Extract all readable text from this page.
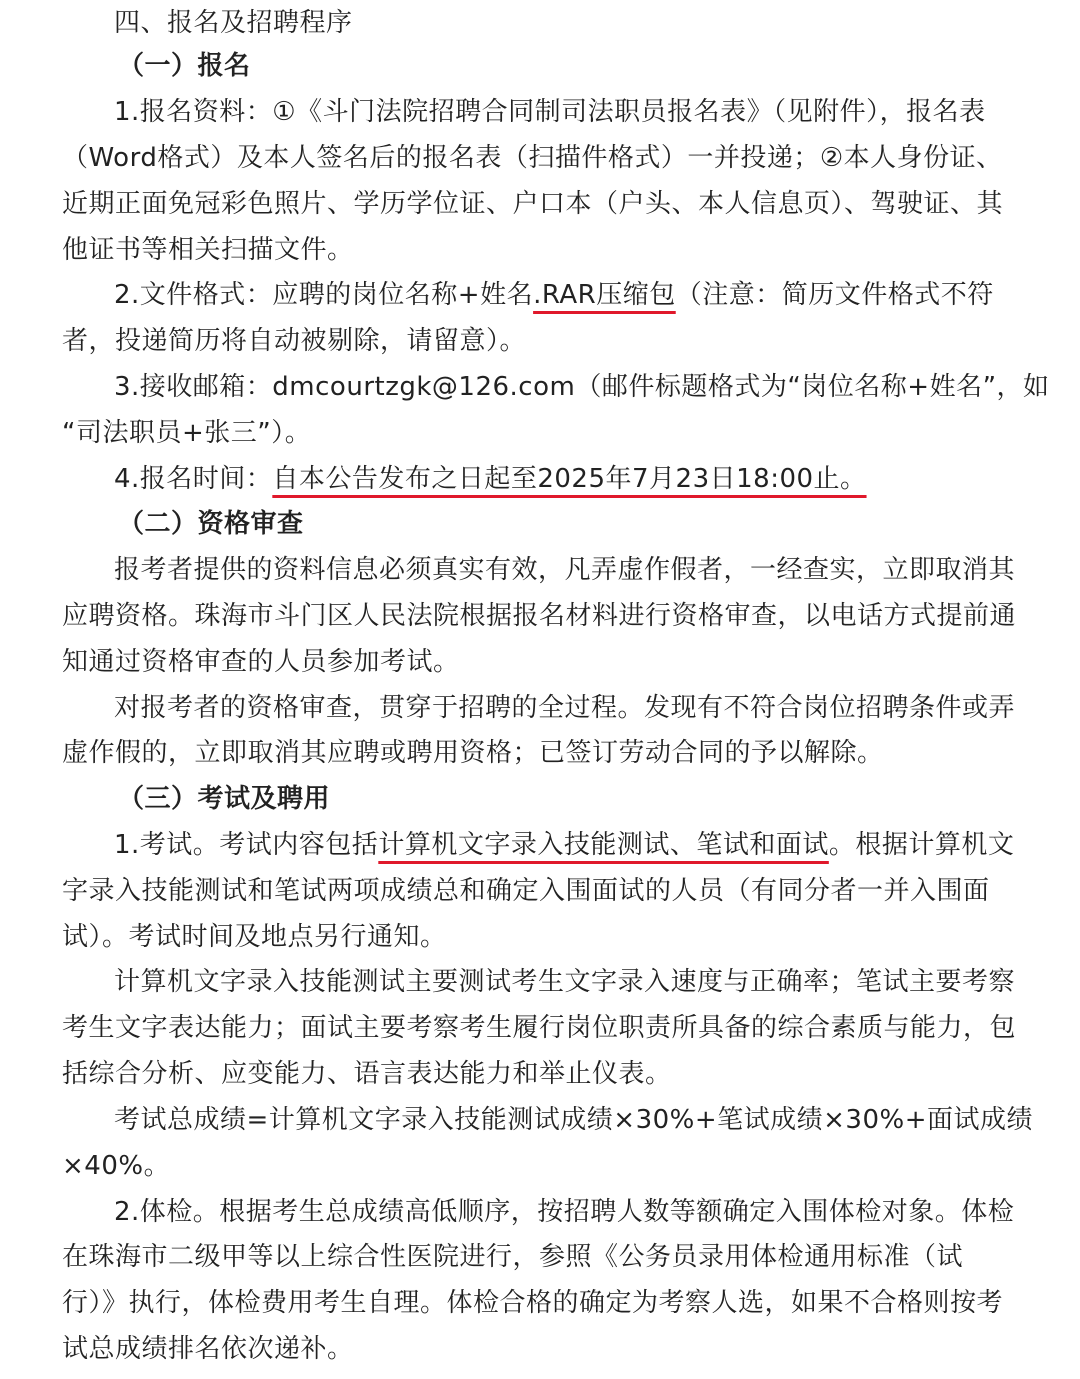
四、报名及招聘程序
（一）报名
1.报名资料：①《斗门法院招聘合同制司法职员报名表》（见附件），报名表
（Word格式）及本人签名后的报名表（扫描件格式）一并投递；②本人身份证、
近期正面免冠彩色照片、学历学位证、户口本（户头、本人信息页）、驾驶证、其
他证书等相关扫描文件。
2.文件格式：应聘的岗位名称+姓名.RAR压缩包（注意：简历文件格式不符
者，投递简历将自动被剔除，请留意）。
3.接收邮箱：dmcourtzgk@126.com（邮件标题格式为“岗位名称+姓名”，如
“司法职员+张三”）。
4.报名时间：自本公告发布之日起至2025年7月23日18:00止。
（二）资格审查
报考者提供的资料信息必须真实有效，凡弄虚作假者，一经查实，立即取消其
应聘资格。珠海市斗门区人民法院根据报名材料进行资格审查，以电话方式提前通
知通过资格审查的人员参加考试。
对报考者的资格审查，贯穿于招聘的全过程。发现有不符合岗位招聘条件或弄
虚作假的，立即取消其应聘或聘用资格；已签订劳动合同的予以解除。
（三）考试及聘用
1.考试。考试内容包括计算机文字录入技能测试、笔试和面试。根据计算机文
字录入技能测试和笔试两项成绩总和确定入围面试的人员（有同分者一并入围面
试）。考试时间及地点另行通知。
计算机文字录入技能测试主要测试考生文字录入速度与正确率；笔试主要考察
考生文字表达能力；面试主要考察考生履行岗位职责所具备的综合素质与能力，包
括综合分析、应变能力、语言表达能力和举止仪表。
考试总成绩=计算机文字录入技能测试成绩×30%+笔试成绩×30%+面试成绩
×40%。
2.体检。根据考生总成绩高低顺序，按招聘人数等额确定入围体检对象。体检
在珠海市二级甲等以上综合性医院进行，参照《公务员录用体检通用标准（试
行）》执行，体检费用考生自理。体检合格的确定为考察人选，如果不合格则按考
试总成绩排名依次递补。
